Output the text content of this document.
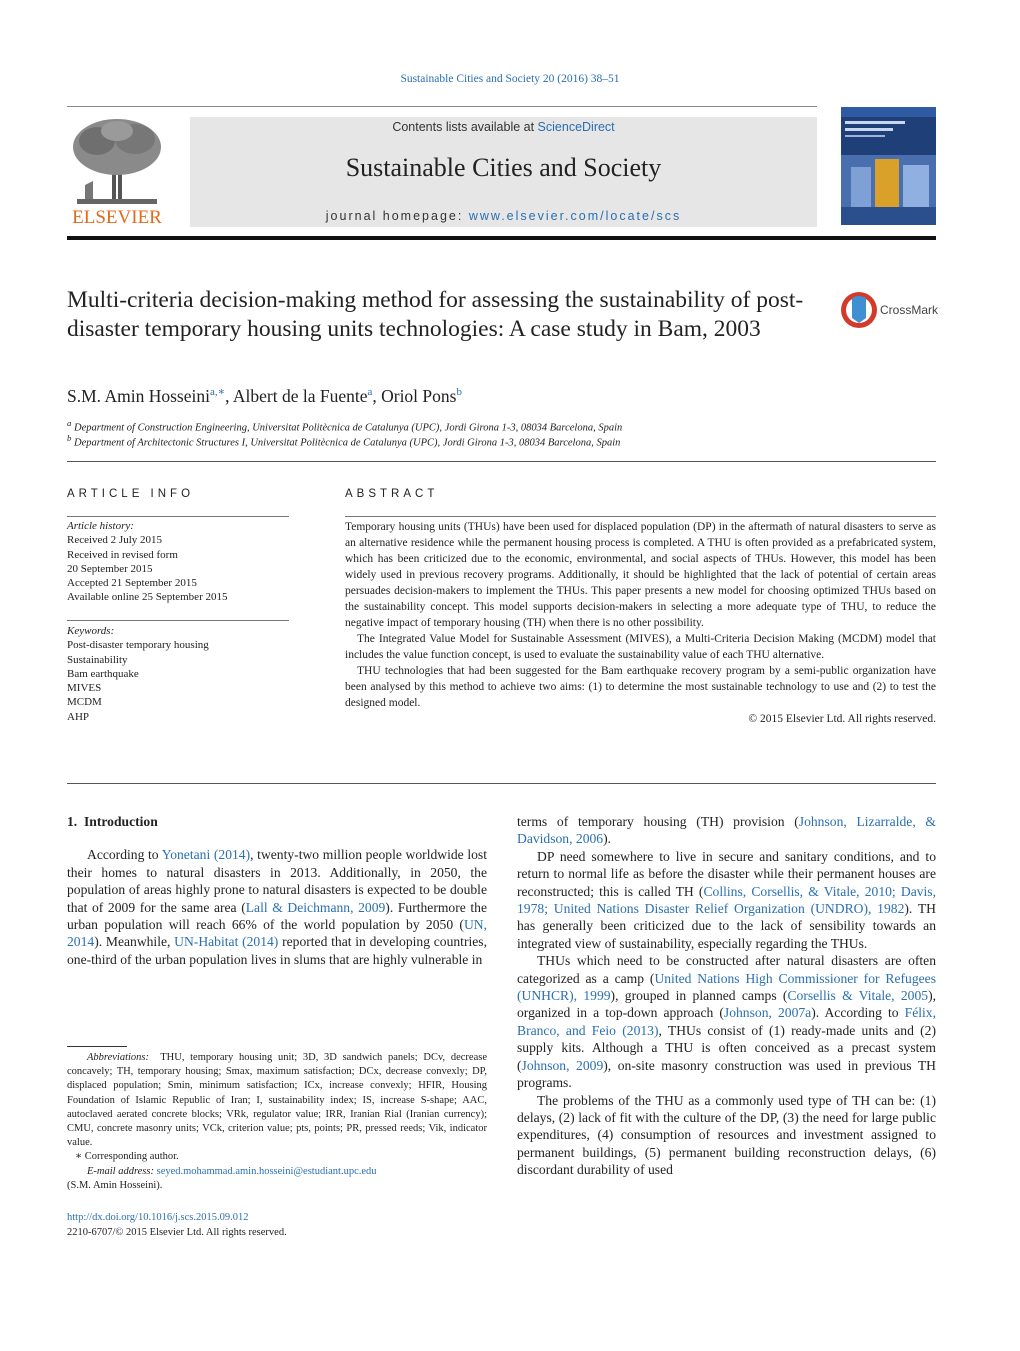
Sustainable Cities and Society 20 (2016) 38–51
ELSEVIER
Contents lists available at ScienceDirect
Sustainable Cities and Society
journal homepage: www.elsevier.com/locate/scs
Multi-criteria decision-making method for assessing the sustainability of post-disaster temporary housing units technologies: A case study in Bam, 2003
CrossMark
S.M. Amin Hosseini$^{a,∗}$, Albert de la Fuente$^a$, Oriol Pons$^b$
$^a$ Department of Construction Engineering, Universitat Politècnica de Catalunya (UPC), Jordi Girona 1-3, 08034 Barcelona, Spain
$^b$ Department of Architectonic Structures I, Universitat Politècnica de Catalunya (UPC), Jordi Girona 1-3, 08034 Barcelona, Spain
ARTICLE INFO
Article history:
Received 2 July 2015
Received in revised form
20 September 2015
Accepted 21 September 2015
Available online 25 September 2015
Keywords:
Post-disaster temporary housing
Sustainability
Bam earthquake
MIVES
MCDM
AHP
ABSTRACT

Temporary housing units (THUs) have been used for displaced population (DP) in the aftermath of natural disasters to serve as an alternative residence while the permanent housing process is completed. A THU is often provided as a prefabricated system, which has been criticized due to the economic, environmental, and social aspects of THUs. However, this model has been widely used in previous recovery programs. Additionally, it should be highlighted that the lack of potential of certain areas persuades decision-makers to implement the THUs. This paper presents a new model for choosing optimized THUs based on the sustainability concept. This model supports decision-makers in selecting a more adequate type of THU, to reduce the negative impact of temporary housing (TH) when there is no other possibility.

The Integrated Value Model for Sustainable Assessment (MIVES), a Multi-Criteria Decision Making (MCDM) model that includes the value function concept, is used to evaluate the sustainability value of each THU alternative.

THU technologies that had been suggested for the Bam earthquake recovery program by a semi-public organization have been analysed by this method to achieve two aims: (1) to determine the most sustainable technology to use and (2) to test the designed model.

© 2015 Elsevier Ltd. All rights reserved.
1. Introduction

According to Yonetani (2014), twenty-two million people worldwide lost their homes to natural disasters in 2013. Additionally, in 2050, the population of areas highly prone to natural disasters is expected to be double that of 2009 for the same area (Lall & Deichmann, 2009). Furthermore the urban population will reach 66% of the world population by 2050 (UN, 2014). Meanwhile, UN-Habitat (2014) reported that in developing countries, one-third of the urban population lives in slums that are highly vulnerable in

Abbreviations: THU, temporary housing unit; 3D, 3D sandwich panels; DCv, decrease concavely; TH, temporary housing; Smax, maximum satisfaction; DCx, decrease convexly; DP, displaced population; Smin, minimum satisfaction; ICx, increase convexly; HFIR, Housing Foundation of Islamic Republic of Iran; I, sustainability index; IS, increase S-shape; AAC, autoclaved aerated concrete blocks; VRk, regulator value; IRR, Iranian Rial (Iranian currency); CMU, concrete masonry units; VCk, criterion value; pts, points; PR, pressed reeds; Vik, indicator value.

∗ Corresponding author.

E-mail address: seyed.mohammad.amin.hosseini@estudiant.upc.edu

(S.M. Amin Hosseini).

http://dx.doi.org/10.1016/j.scs.2015.09.012
2210-6707/© 2015 Elsevier Ltd. All rights reserved.

terms of temporary housing (TH) provision (Johnson, Lizarralde, & Davidson, 2006).

DP need somewhere to live in secure and sanitary conditions, and to return to normal life as before the disaster while their permanent houses are reconstructed; this is called TH (Collins, Corsellis, & Vitale, 2010; Davis, 1978; United Nations Disaster Relief Organization (UNDRO), 1982). TH has generally been criticized due to the lack of sensibility towards an integrated view of sustainability, especially regarding the THUs.

THUs which need to be constructed after natural disasters are often categorized as a camp (United Nations High Commissioner for Refugees (UNHCR), 1999), grouped in planned camps (Corsellis & Vitale, 2005), organized in a top-down approach (Johnson, 2007a). According to Félix, Branco, and Feio (2013), THUs consist of (1) ready-made units and (2) supply kits. Although a THU is often conceived as a precast system (Johnson, 2009), on-site masonry construction was used in previous TH programs.

The problems of the THU as a commonly used type of TH can be: (1) delays, (2) lack of fit with the culture of the DP, (3) the need for large public expenditures, (4) consumption of resources and investment assigned to permanent buildings, (5) permanent building reconstruction delays, (6) discordant durability of used
